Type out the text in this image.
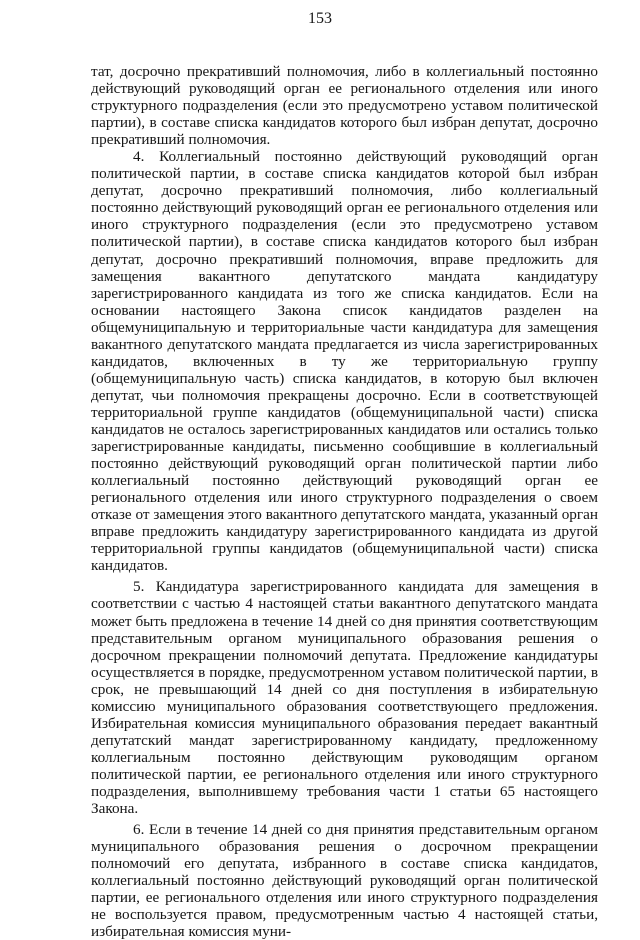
153

тат, досрочно прекративший полномочия, либо в коллегиальный постоянно действующий руководящий орган ее регионального отделения или иного структурного подразделения (если это предусмотрено уставом политической партии), в составе списка кандидатов которого был избран депутат, досрочно прекративший полномочия.

4. Коллегиальный постоянно действующий руководящий орган политической партии, в составе списка кандидатов которой был избран депутат, досрочно прекративший полномочия, либо коллегиальный постоянно действующий руководящий орган ее регионального отделения или иного структурного подразделения (если это предусмотрено уставом политической партии), в составе списка кандидатов которого был избран депутат, досрочно прекративший полномочия, вправе предложить для замещения вакантного депутатского мандата кандидатуру зарегистрированного кандидата из того же списка кандидатов. Если на основании настоящего Закона список кандидатов разделен на общемуниципальную и территориальные части кандидатура для замещения вакантного депутатского мандата предлагается из числа зарегистрированных кандидатов, включенных в ту же территориальную группу (общемуниципальную часть) списка кандидатов, в которую был включен депутат, чьи полномочия прекращены досрочно. Если в соответствующей территориальной группе кандидатов (общемуниципальной части) списка кандидатов не осталось зарегистрированных кандидатов или остались только зарегистрированные кандидаты, письменно сообщившие в коллегиальный постоянно действующий руководящий орган политической партии либо коллегиальный постоянно действующий руководящий орган ее регионального отделения или иного структурного подразделения о своем отказе от замещения этого вакантного депутатского мандата, указанный орган вправе предложить кандидатуру зарегистрированного кандидата из другой территориальной группы кандидатов (общемуниципальной части) списка кандидатов.

5. Кандидатура зарегистрированного кандидата для замещения в соответствии с частью 4 настоящей статьи вакантного депутатского мандата может быть предложена в течение 14 дней со дня принятия соответствующим представительным органом муниципального образования решения о досрочном прекращении полномочий депутата. Предложение кандидатуры осуществляется в порядке, предусмотренном уставом политической партии, в срок, не превышающий 14 дней со дня поступления в избирательную комиссию муниципального образования соответствующего предложения. Избирательная комиссия муниципального образования передает вакантный депутатский мандат зарегистрированному кандидату, предложенному коллегиальным постоянно действующим руководящим органом политической партии, ее регионального отделения или иного структурного подразделения, выполнившему требования части 1 статьи 65 настоящего Закона.

6. Если в течение 14 дней со дня принятия представительным органом муниципального образования решения о досрочном прекращении полномочий его депутата, избранного в составе списка кандидатов, коллегиальный постоянно действующий руководящий орган политической партии, ее регионального отделения или иного структурного подразделения не воспользуется правом, предусмотренным частью 4 настоящей статьи, избирательная комиссия муни-
